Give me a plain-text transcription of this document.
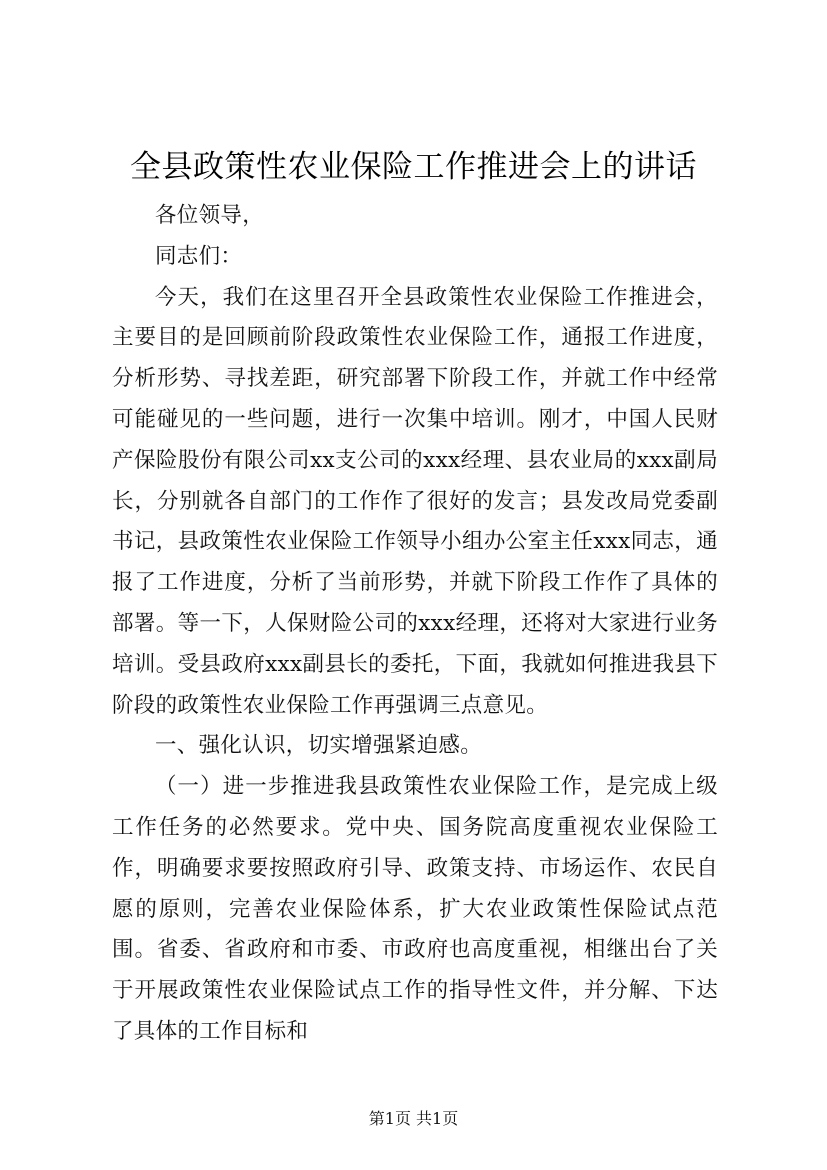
全县政策性农业保险工作推进会上的讲话

各位领导，

同志们：

今天，我们在这里召开全县政策性农业保险工作推进会，主要目的是回顾前阶段政策性农业保险工作，通报工作进度，分析形势、寻找差距，研究部署下阶段工作，并就工作中经常可能碰见的一些问题，进行一次集中培训。刚才，中国人民财产保险股份有限公司xx支公司的xxx经理、县农业局的xxx副局长，分别就各自部门的工作作了很好的发言；县发改局党委副书记，县政策性农业保险工作领导小组办公室主任xxx同志，通报了工作进度，分析了当前形势，并就下阶段工作作了具体的部署。等一下，人保财险公司的xxx经理，还将对大家进行业务培训。受县政府xxx副县长的委托，下面，我就如何推进我县下阶段的政策性农业保险工作再强调三点意见。

一、强化认识，切实增强紧迫感。

（一）进一步推进我县政策性农业保险工作，是完成上级工作任务的必然要求。党中央、国务院高度重视农业保险工作，明确要求要按照政府引导、政策支持、市场运作、农民自愿的原则，完善农业保险体系，扩大农业政策性保险试点范围。省委、省政府和市委、市政府也高度重视，相继出台了关于开展政策性农业保险试点工作的指导性文件，并分解、下达了具体的工作目标和

第1页 共1页
